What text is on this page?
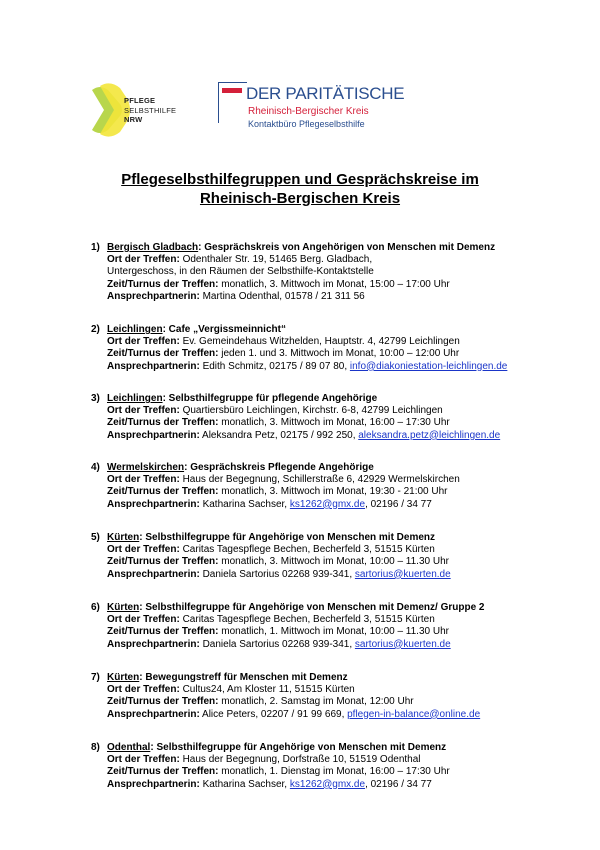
PFLEGE
SELBSTHILFE
NRW
DER PARITÄTISCHE
Rheinisch-Bergischer Kreis
Kontaktbüro Pflegeselbsthilfe
Pflegeselbsthilfegruppen und Gesprächskreise im
Rheinisch-Bergischen Kreis
1) Bergisch Gladbach: Gesprächskreis von Angehörigen von Menschen mit Demenz
Ort der Treffen: Odenthaler Str. 19, 51465 Berg. Gladbach,
Untergeschoss, in den Räumen der Selbsthilfe-Kontaktstelle
Zeit/Turnus der Treffen: monatlich, 3. Mittwoch im Monat, 15:00 – 17:00 Uhr
Ansprechpartnerin: Martina Odenthal, 01578 / 21 311 56
2) Leichlingen: Cafe „Vergissmeinnicht“
Ort der Treffen: Ev. Gemeindehaus Witzhelden, Hauptstr. 4, 42799 Leichlingen
Zeit/Turnus der Treffen: jeden 1. und 3. Mittwoch im Monat, 10:00 – 12:00 Uhr
Ansprechpartnerin: Edith Schmitz, 02175 / 89 07 80, info@diakoniestation-leichlingen.de
3) Leichlingen: Selbsthilfegruppe für pflegende Angehörige
Ort der Treffen: Quartiersbüro Leichlingen, Kirchstr. 6-8, 42799 Leichlingen
Zeit/Turnus der Treffen: monatlich, 3. Mittwoch im Monat, 16:00 – 17:30 Uhr
Ansprechpartnerin: Aleksandra Petz, 02175 / 992 250, aleksandra.petz@leichlingen.de
4) Wermelskirchen: Gesprächskreis Pflegende Angehörige
Ort der Treffen: Haus der Begegnung, Schillerstraße 6, 42929 Wermelskirchen
Zeit/Turnus der Treffen: monatlich, 3. Mittwoch im Monat, 19:30 - 21:00 Uhr
Ansprechpartnerin: Katharina Sachser, ks1262@gmx.de, 02196 / 34 77
5) Kürten: Selbsthilfegruppe für Angehörige von Menschen mit Demenz
Ort der Treffen: Caritas Tagespflege Bechen, Becherfeld 3, 51515 Kürten
Zeit/Turnus der Treffen: monatlich, 3. Mittwoch im Monat, 10:00 – 11.30 Uhr
Ansprechpartnerin: Daniela Sartorius 02268 939-341, sartorius@kuerten.de
6) Kürten: Selbsthilfegruppe für Angehörige von Menschen mit Demenz/ Gruppe 2
Ort der Treffen: Caritas Tagespflege Bechen, Becherfeld 3, 51515 Kürten
Zeit/Turnus der Treffen: monatlich, 1. Mittwoch im Monat, 10:00 – 11.30 Uhr
Ansprechpartnerin: Daniela Sartorius 02268 939-341, sartorius@kuerten.de
7) Kürten: Bewegungstreff für Menschen mit Demenz
Ort der Treffen: Cultus24, Am Kloster 11, 51515 Kürten
Zeit/Turnus der Treffen: monatlich, 2. Samstag im Monat, 12:00 Uhr
Ansprechpartnerin: Alice Peters, 02207 / 91 99 669, pflegen-in-balance@online.de
8) Odenthal: Selbsthilfegruppe für Angehörige von Menschen mit Demenz
Ort der Treffen: Haus der Begegnung, Dorfstraße 10, 51519 Odenthal
Zeit/Turnus der Treffen: monatlich, 1. Dienstag im Monat, 16:00 – 17:30 Uhr
Ansprechpartnerin: Katharina Sachser, ks1262@gmx.de, 02196 / 34 77
